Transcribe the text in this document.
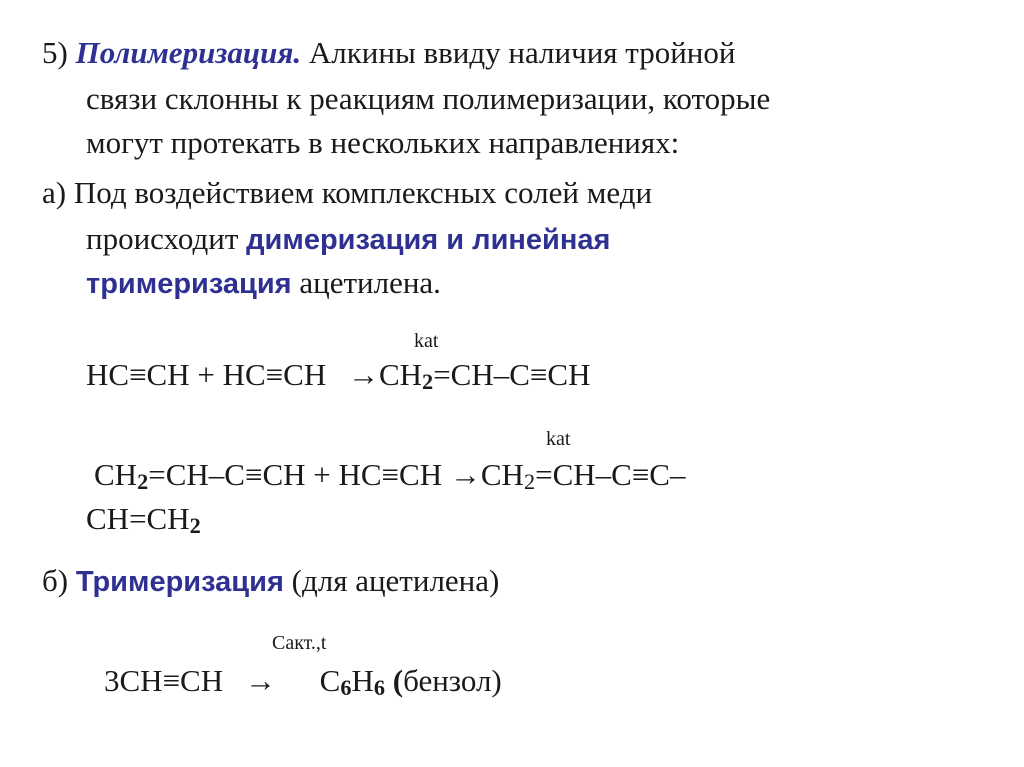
5) Полимеризация. Алкины ввиду наличия тройной
связи склонны к реакциям полимеризации, которые
могут протекать в нескольких направлениях:
а) Под воздействием комплексных солей меди
происходит димеризация и линейная
тримеризация ацетилена.
kat
$HC\equiv CH + HC\equiv CH \to CH_2=CH-C\equiv CH$
kat
$CH_2=CH-C\equiv CH + HC\equiv CH \to CH_2=CH-C\equiv C-$
$CH=CH_2$
б) Тримеризация (для ацетилена)
Сакт.,t
$3CH\equiv CH \to C_6H_6$ (бензол)
